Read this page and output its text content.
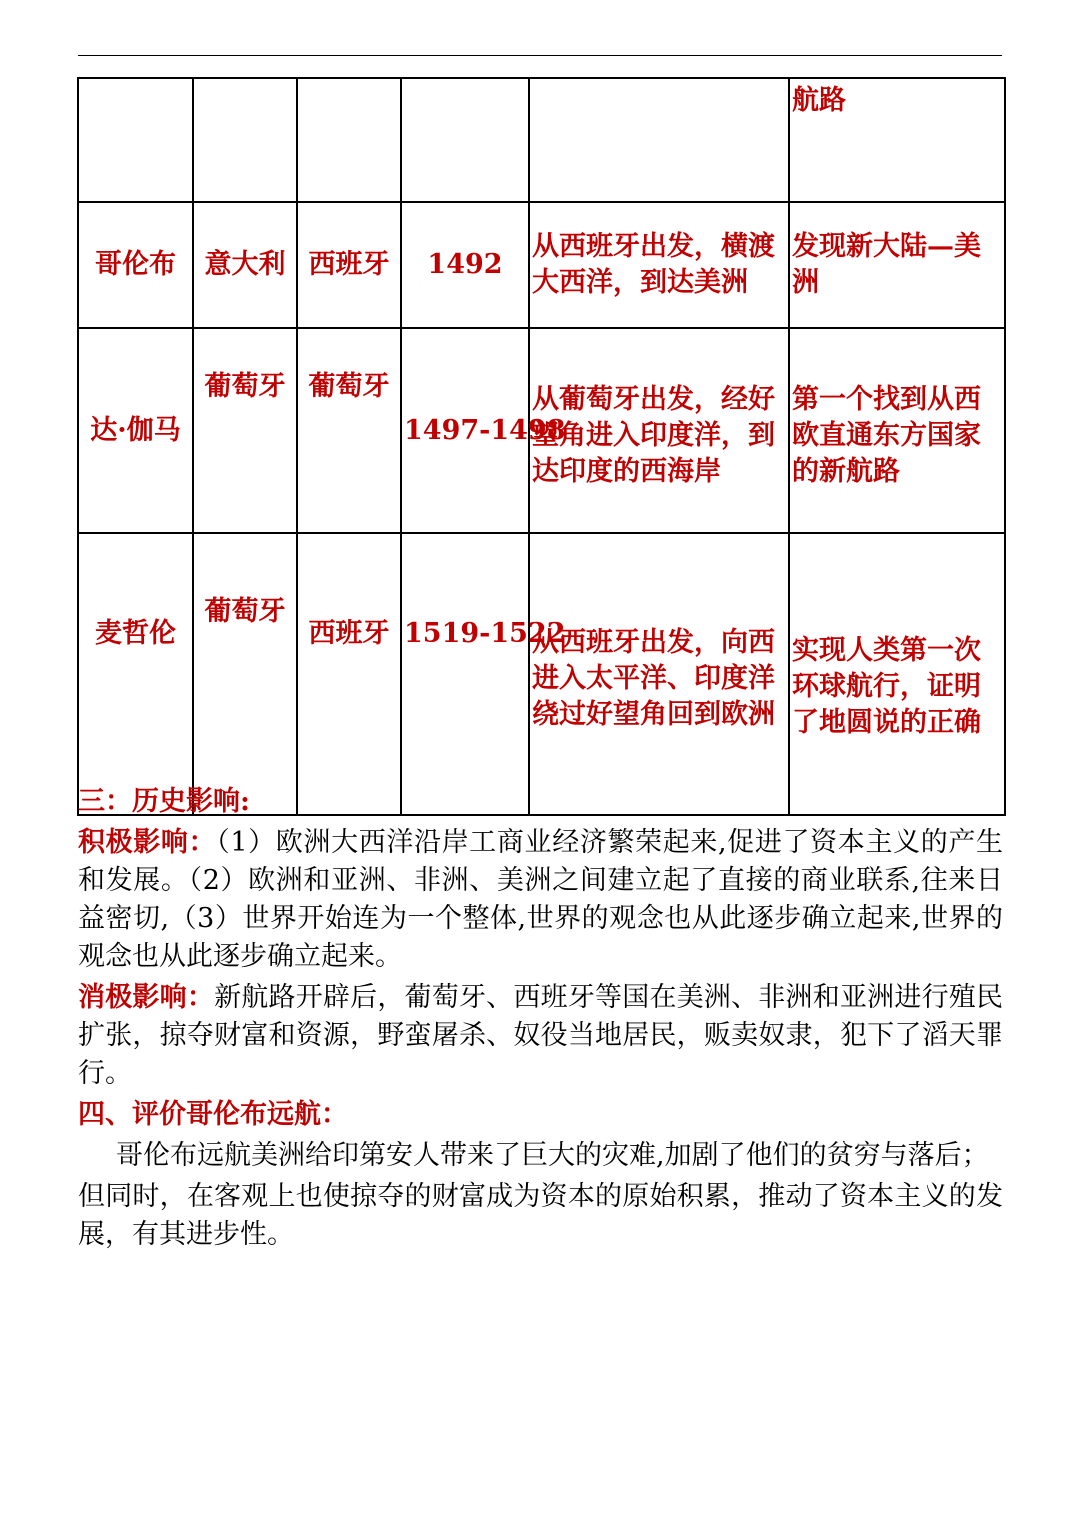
					航路
哥伦布	意大利	西班牙	1492	从西班牙出发，横渡大西洋，到达美洲	发现新大陆—美洲
达·伽马	葡萄牙	葡萄牙	1497-1498	从葡萄牙出发，经好望角进入印度洋，到达印度的西海岸	第一个找到从西欧直通东方国家的新航路
麦哲伦	葡萄牙	西班牙	1519-1522	从西班牙出发，向西进入太平洋、印度洋绕过好望角回到欧洲	实现人类第一次环球航行，证明了地圆说的正确

三：历史影响:

积极影响：（1）欧洲大西洋沿岸工商业经济繁荣起来,促进了资本主义的产生和发展。（2）欧洲和亚洲、非洲、美洲之间建立起了直接的商业联系,往来日益密切,（3）世界开始连为一个整体,世界的观念也从此逐步确立起来,世界的观念也从此逐步确立起来。

消极影响：新航路开辟后，葡萄牙、西班牙等国在美洲、非洲和亚洲进行殖民扩张，掠夺财富和资源，野蛮屠杀、奴役当地居民，贩卖奴隶，犯下了滔天罪行。

四、评价哥伦布远航：

哥伦布远航美洲给印第安人带来了巨大的灾难,加剧了他们的贫穷与落后；

但同时，在客观上也使掠夺的财富成为资本的原始积累，推动了资本主义的发展，有其进步性。
